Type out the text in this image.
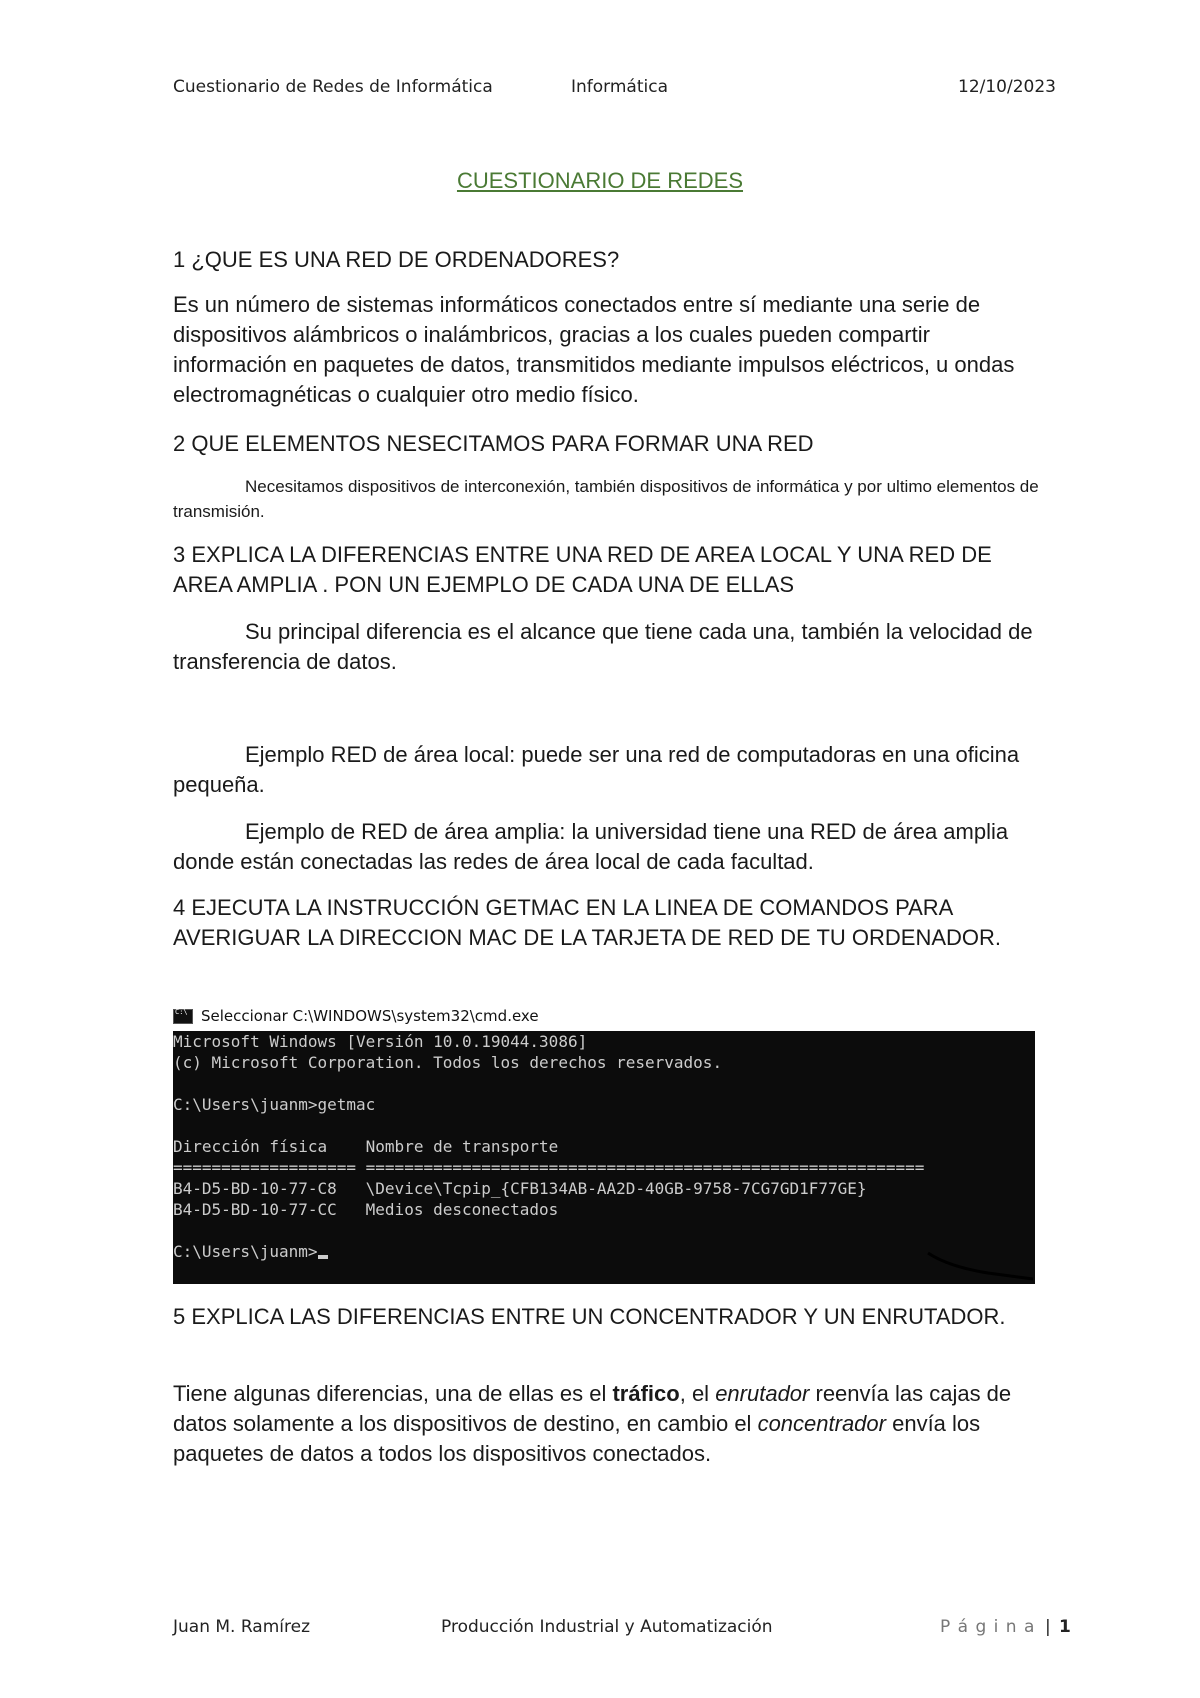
Cuestionario de Redes de Informática	Informática	12/10/2023
CUESTIONARIO DE REDES

1 ¿QUE ES UNA RED DE ORDENADORES?

Es un número de sistemas informáticos conectados entre sí mediante una serie de dispositivos alámbricos o inalámbricos, gracias a los cuales pueden compartir información en paquetes de datos, transmitidos mediante impulsos eléctricos, u ondas electromagnéticas o cualquier otro medio físico.

2 QUE ELEMENTOS NESECITAMOS PARA FORMAR UNA RED

Necesitamos dispositivos de interconexión, también dispositivos de informática y por ultimo elementos de transmisión.

3 EXPLICA LA DIFERENCIAS ENTRE UNA RED DE AREA LOCAL Y UNA RED DE AREA AMPLIA . PON UN EJEMPLO DE CADA UNA DE ELLAS

Su principal diferencia es el alcance que tiene cada una, también la velocidad de transferencia de datos.

Ejemplo RED de área local: puede ser una red de computadoras en una oficina pequeña.

Ejemplo de RED de área amplia: la universidad tiene una RED de área amplia donde están conectadas las redes de área local de cada facultad.

4 EJECUTA LA INSTRUCCIÓN GETMAC EN LA LINEA DE COMANDOS PARA AVERIGUAR LA DIRECCION MAC DE LA TARJETA DE RED DE TU ORDENADOR.

C:\
Seleccionar C:\WINDOWS\system32\cmd.exe
Microsoft Windows [Versión 10.0.19044.3086]
(c) Microsoft Corporation. Todos los derechos reservados.

C:\Users\juanm>getmac

Dirección física    Nombre de transporte
=================== ==========================================================
B4-D5-BD-10-77-C8   \Device\Tcpip_{CFB134AB-AA2D-40GB-9758-7CG7GD1F77GE}
B4-D5-BD-10-77-CC   Medios desconectados

C:\Users\juanm>

5 EXPLICA LAS DIFERENCIAS ENTRE UN CONCENTRADOR Y UN ENRUTADOR.

Tiene algunas diferencias, una de ellas es el tráfico, el enrutador reenvía las cajas de datos solamente a los dispositivos de destino, en cambio el concentrador envía los paquetes de datos a todos los dispositivos conectados.

Juan M. Ramírez	Producción Industrial y Automatización	P á g i n a | 1
